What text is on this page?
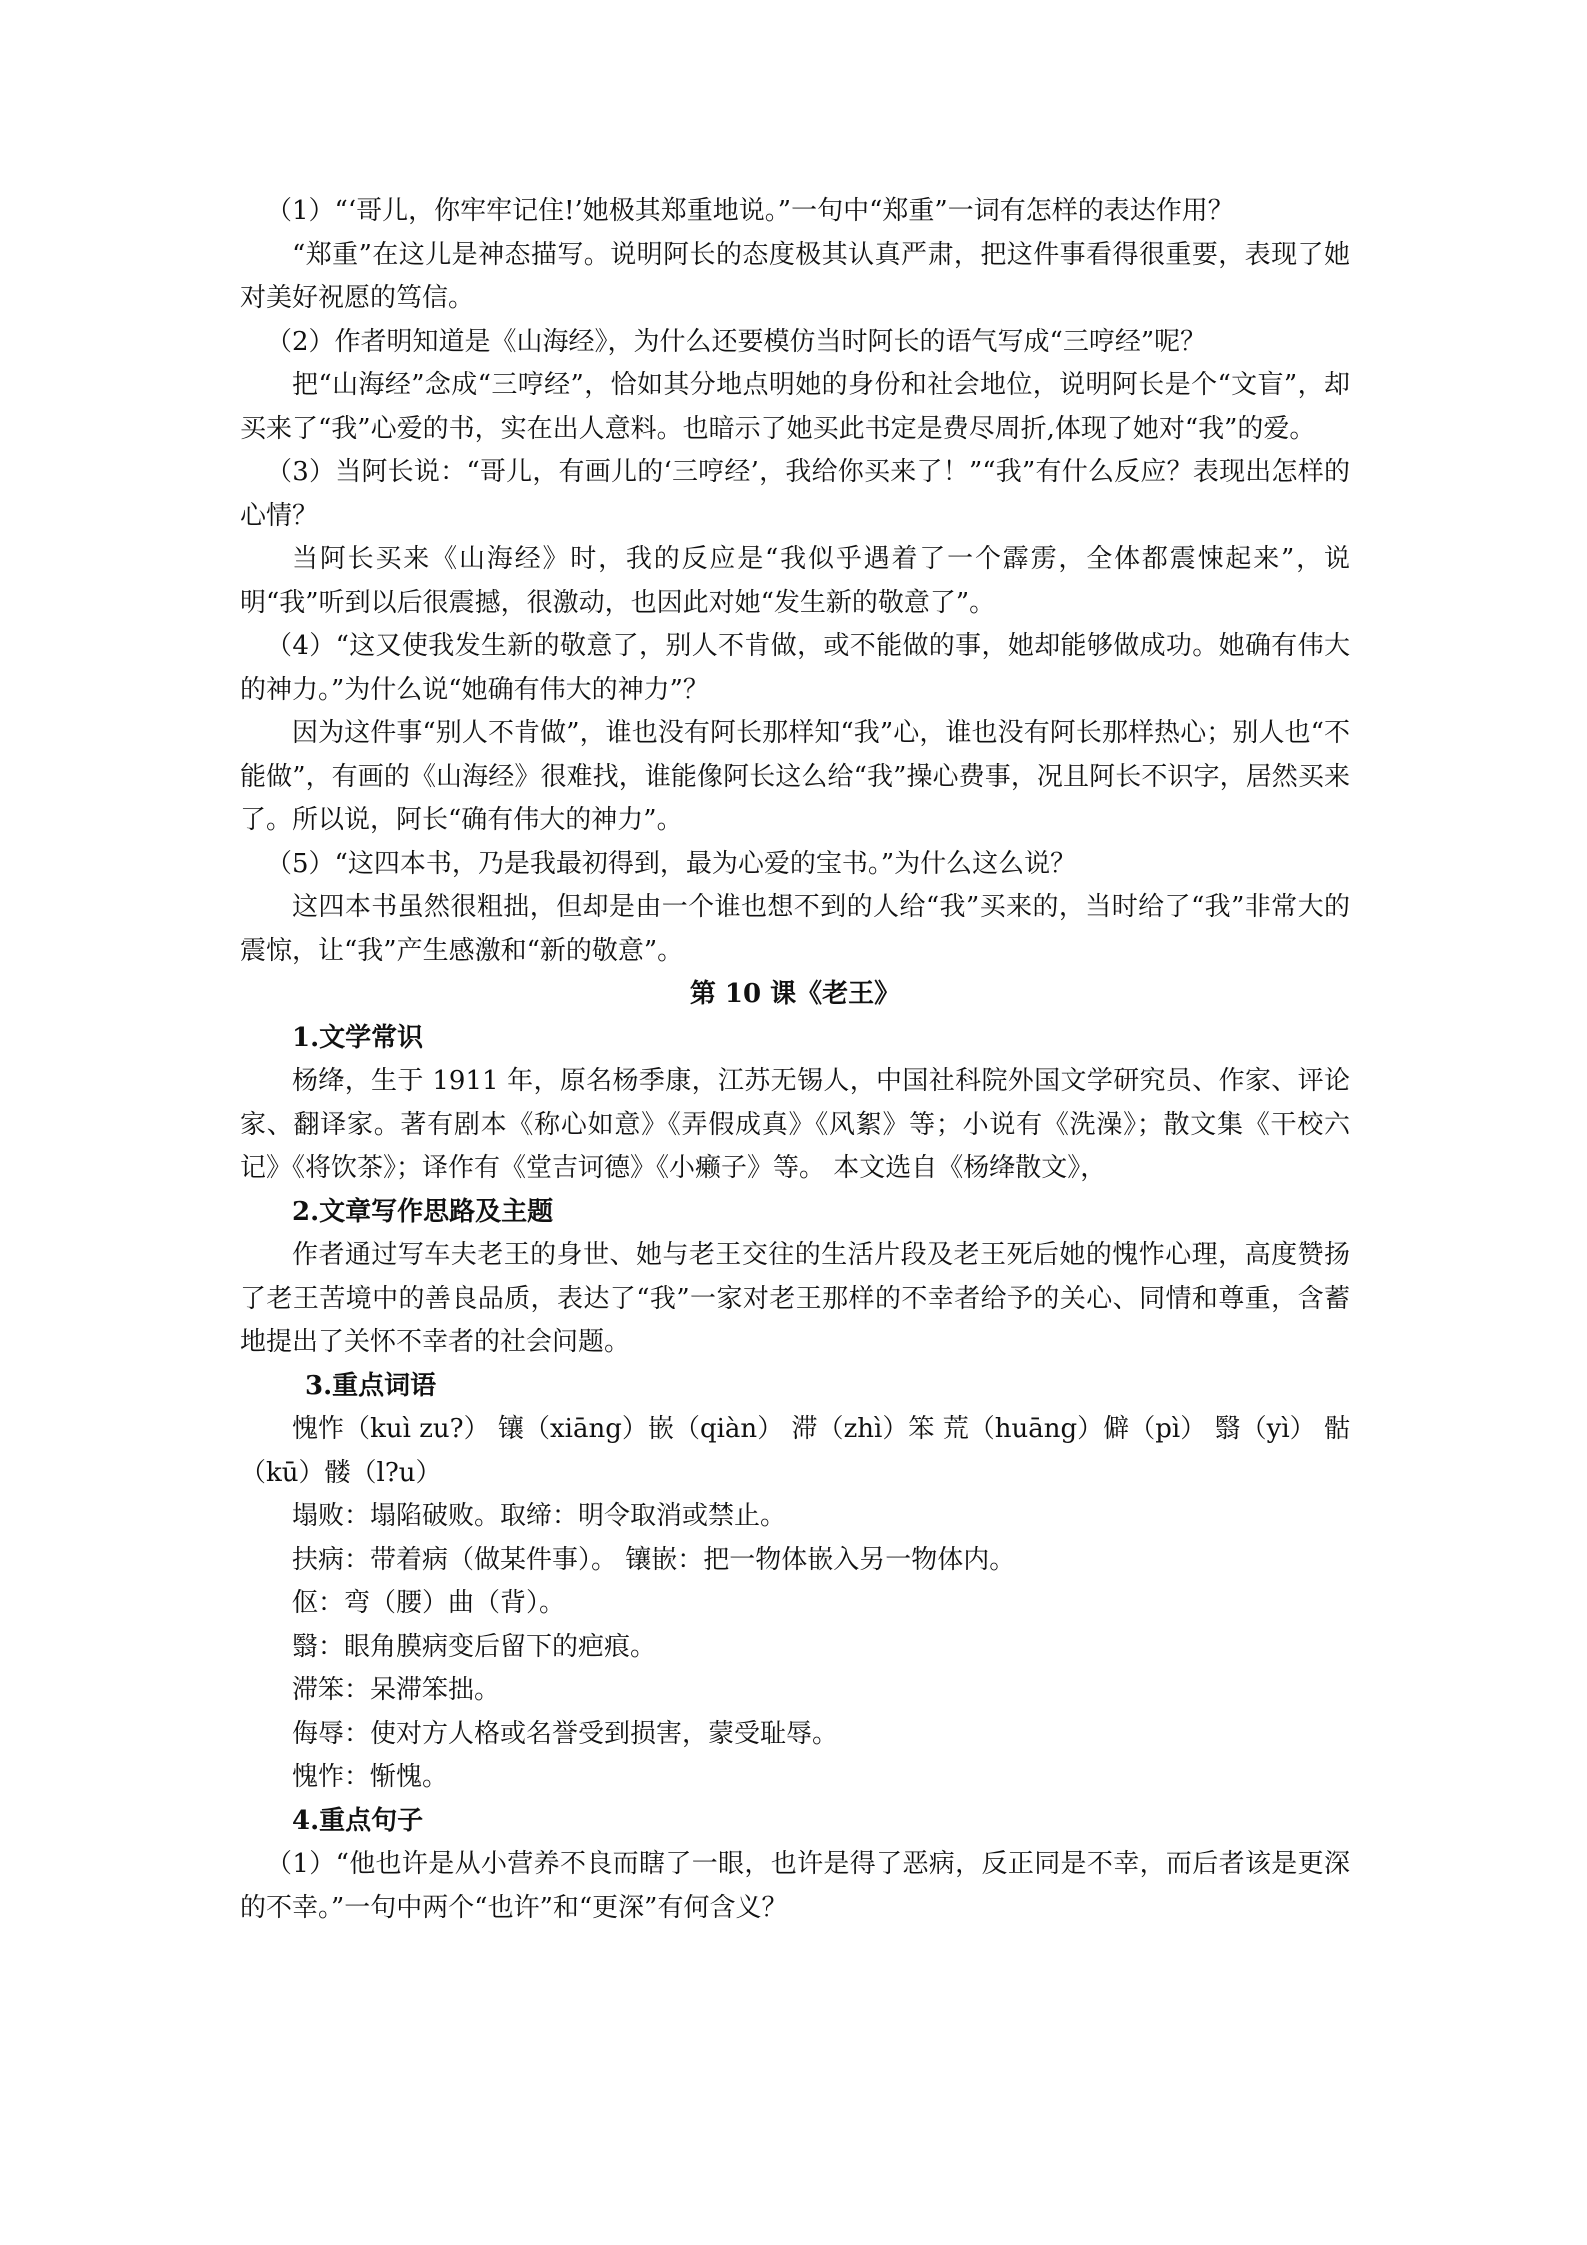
（1）“‘哥儿，你牢牢记住!’她极其郑重地说。”一句中“郑重”一词有怎样的表达作用？

“郑重”在这儿是神态描写。说明阿长的态度极其认真严肃，把这件事看得很重要，表现了她对美好祝愿的笃信。

（2）作者明知道是《山海经》，为什么还要模仿当时阿长的语气写成“三哼经”呢？

把“山海经”念成“三哼经”，恰如其分地点明她的身份和社会地位，说明阿长是个“文盲”，却买来了“我”心爱的书，实在出人意料。也暗示了她买此书定是费尽周折,体现了她对“我”的爱。

（3）当阿长说：“哥儿，有画儿的‘三哼经’，我给你买来了！”“我”有什么反应？表现出怎样的心情？

当阿长买来《山海经》时，我的反应是“我似乎遇着了一个霹雳，全体都震悚起来”，说明“我”听到以后很震撼，很激动，也因此对她“发生新的敬意了”。

（4）“这又使我发生新的敬意了，别人不肯做，或不能做的事，她却能够做成功。她确有伟大的神力。”为什么说“她确有伟大的神力”？

因为这件事“别人不肯做”，谁也没有阿长那样知“我”心，谁也没有阿长那样热心；别人也“不能做”，有画的《山海经》很难找，谁能像阿长这么给“我”操心费事，况且阿长不识字，居然买来了。所以说，阿长“确有伟大的神力”。

（5）“这四本书，乃是我最初得到，最为心爱的宝书。”为什么这么说？

这四本书虽然很粗拙，但却是由一个谁也想不到的人给“我”买来的，当时给了“我”非常大的震惊，让“我”产生感激和“新的敬意”。

第 10 课《老王》

1.文学常识

杨绛，生于 1911 年，原名杨季康，江苏无锡人，中国社科院外国文学研究员、作家、评论家、翻译家。著有剧本《称心如意》《弄假成真》《风絮》等；小说有《洗澡》；散文集《干校六记》《将饮茶》；译作有《堂吉诃德》《小癞子》等。 本文选自《杨绛散文》，

2.文章写作思路及主题

作者通过写车夫老王的身世、她与老王交往的生活片段及老王死后她的愧怍心理，高度赞扬了老王苦境中的善良品质，表达了“我”一家对老王那样的不幸者给予的关心、同情和尊重，含蓄地提出了关怀不幸者的社会问题。

3.重点词语

愧怍（kuì zu?） 镶（xiāng）嵌（qiàn） 滞（zhì）笨 荒（huāng）僻（pì） 翳（yì） 骷（kū）髅（l?u）

塌败：塌陷破败。取缔：明令取消或禁止。

扶病：带着病（做某件事）。 镶嵌：把一物体嵌入另一物体内。

伛：弯（腰）曲（背）。

翳：眼角膜病变后留下的疤痕。

滞笨：呆滞笨拙。

侮辱：使对方人格或名誉受到损害，蒙受耻辱。

愧怍：惭愧。

4.重点句子

（1）“他也许是从小营养不良而瞎了一眼，也许是得了恶病，反正同是不幸，而后者该是更深的不幸。”一句中两个“也许”和“更深”有何含义？
